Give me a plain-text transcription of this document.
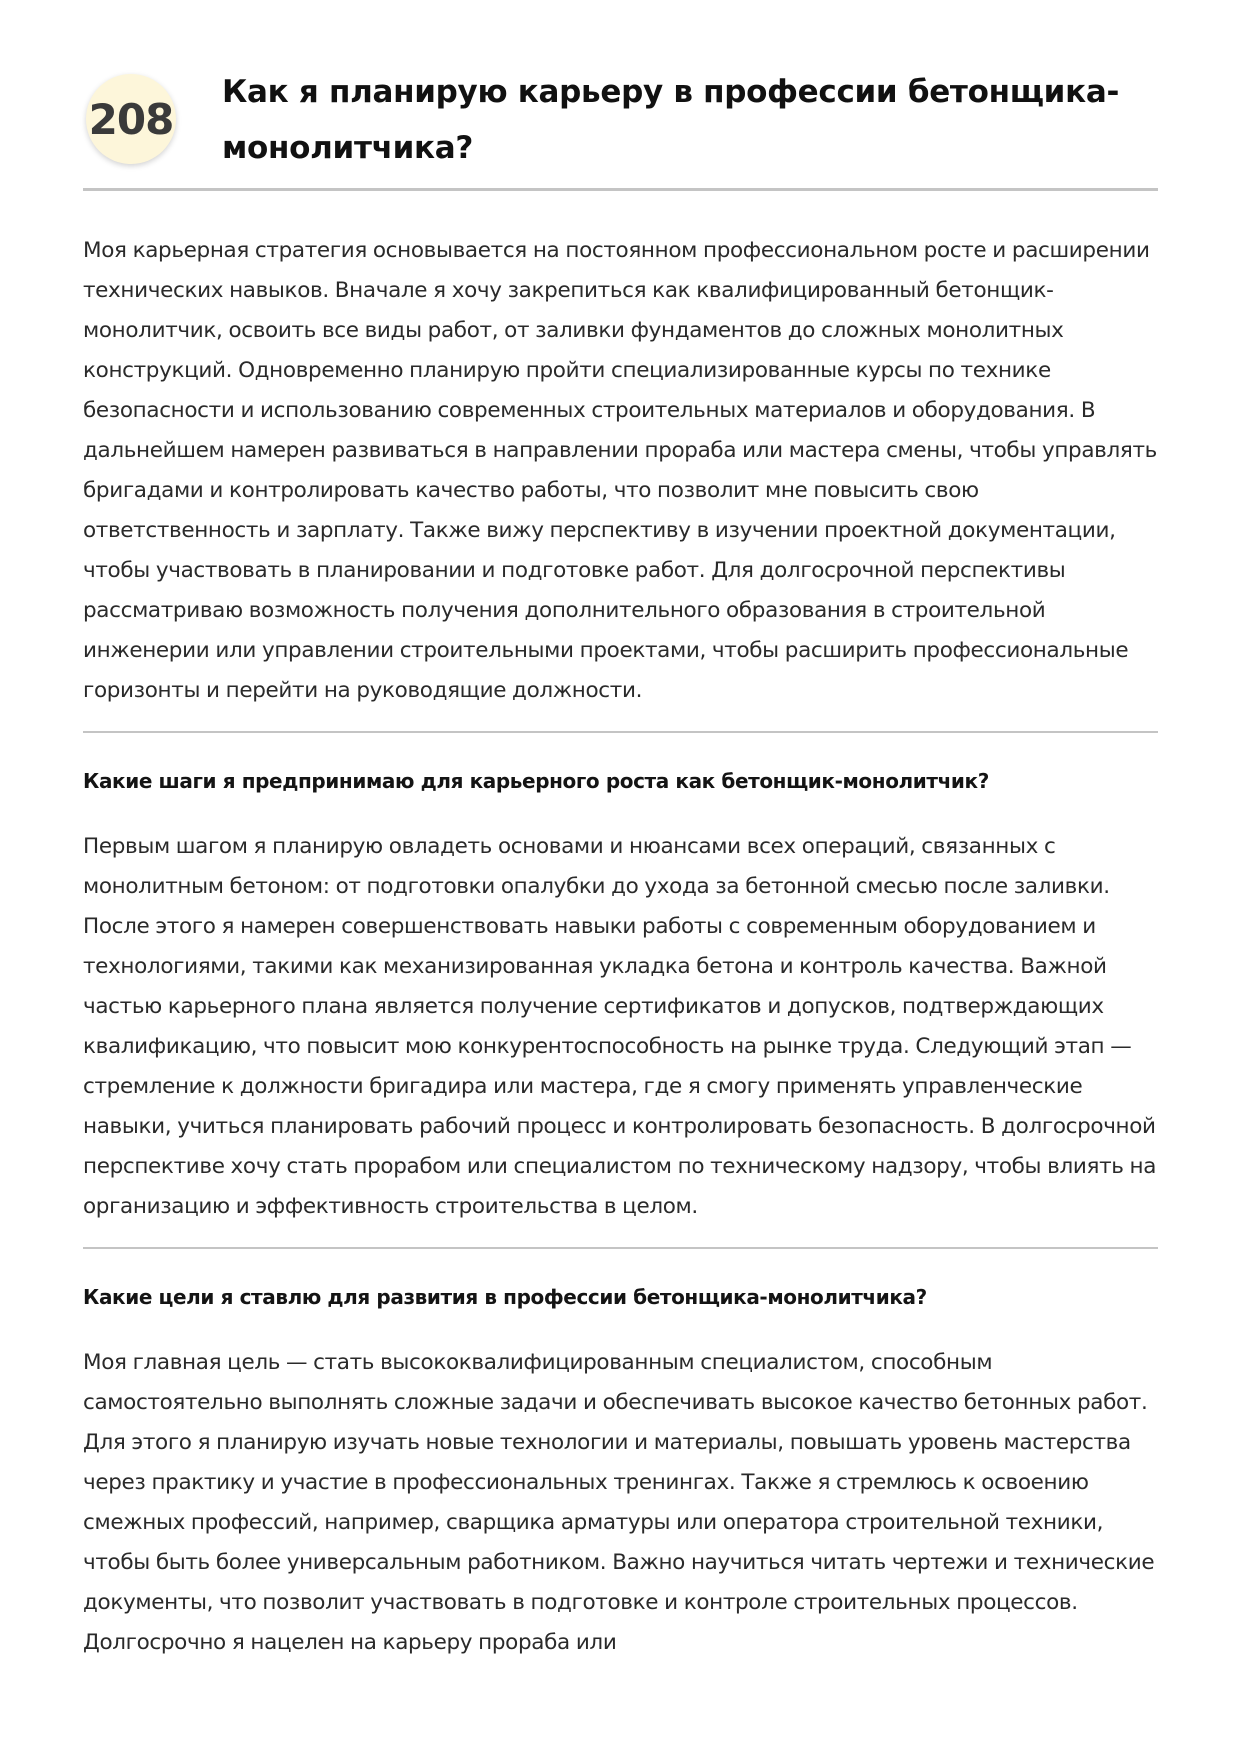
208
Как я планирую карьеру в профессии бетонщика-монолитчика?

Моя карьерная стратегия основывается на постоянном профессиональном росте и расширении технических навыков. Вначале я хочу закрепиться как квалифицированный бетонщик-монолитчик, освоить все виды работ, от заливки фундаментов до сложных монолитных конструкций. Одновременно планирую пройти специализированные курсы по технике безопасности и использованию современных строительных материалов и оборудования. В дальнейшем намерен развиваться в направлении прораба или мастера смены, чтобы управлять бригадами и контролировать качество работы, что позволит мне повысить свою ответственность и зарплату. Также вижу перспективу в изучении проектной документации, чтобы участвовать в планировании и подготовке работ. Для долгосрочной перспективы рассматриваю возможность получения дополнительного образования в строительной инженерии или управлении строительными проектами, чтобы расширить профессиональные горизонты и перейти на руководящие должности.

Какие шаги я предпринимаю для карьерного роста как бетонщик-монолитчик?

Первым шагом я планирую овладеть основами и нюансами всех операций, связанных с монолитным бетоном: от подготовки опалубки до ухода за бетонной смесью после заливки. После этого я намерен совершенствовать навыки работы с современным оборудованием и технологиями, такими как механизированная укладка бетона и контроль качества. Важной частью карьерного плана является получение сертификатов и допусков, подтверждающих квалификацию, что повысит мою конкурентоспособность на рынке труда. Следующий этап — стремление к должности бригадира или мастера, где я смогу применять управленческие навыки, учиться планировать рабочий процесс и контролировать безопасность. В долгосрочной перспективе хочу стать прорабом или специалистом по техническому надзору, чтобы влиять на организацию и эффективность строительства в целом.

Какие цели я ставлю для развития в профессии бетонщика-монолитчика?

Моя главная цель — стать высококвалифицированным специалистом, способным самостоятельно выполнять сложные задачи и обеспечивать высокое качество бетонных работ. Для этого я планирую изучать новые технологии и материалы, повышать уровень мастерства через практику и участие в профессиональных тренингах. Также я стремлюсь к освоению смежных профессий, например, сварщика арматуры или оператора строительной техники, чтобы быть более универсальным работником. Важно научиться читать чертежи и технические документы, что позволит участвовать в подготовке и контроле строительных процессов. Долгосрочно я нацелен на карьеру прораба или
